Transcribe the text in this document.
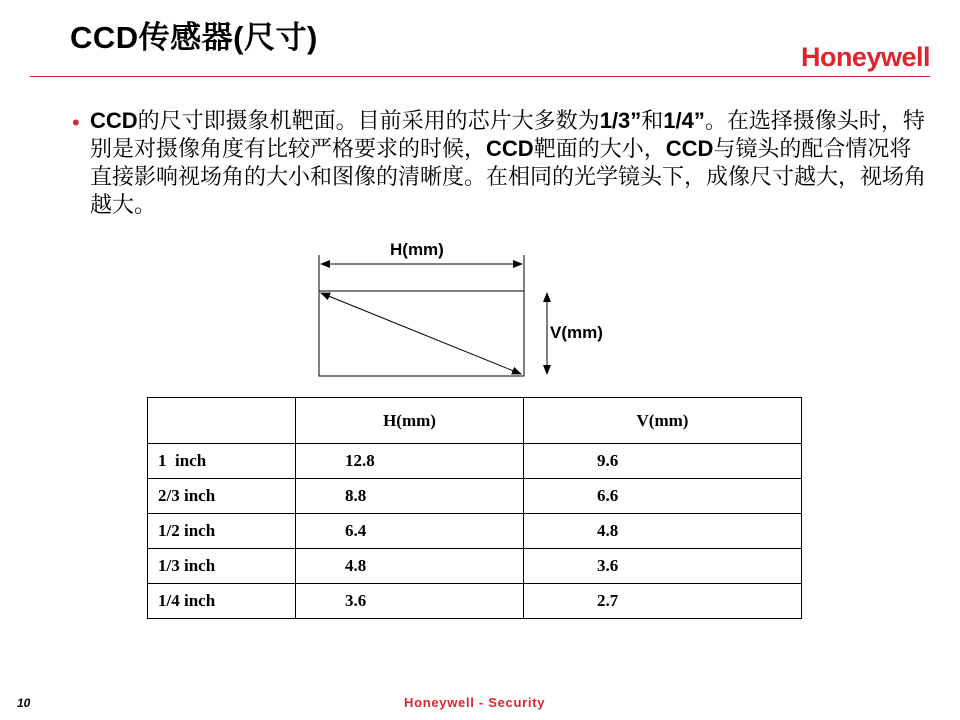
CCD传感器(尺寸)
Honeywell
• CCD的尺寸即摄象机靶面。目前采用的芯片大多数为1/3”和1/4”。在选择摄像头时，特别是对摄像角度有比较严格要求的时候，CCD靶面的大小，CCD与镜头的配合情况将直接影响视场角的大小和图像的清晰度。在相同的光学镜头下，成像尺寸越大，视场角越大。
H(mm)
V(mm)
	H(mm)	V(mm)
1  inch	12.8	9.6
2/3 inch	8.8	6.6
1/2 inch	6.4	4.8
1/3 inch	4.8	3.6
1/4 inch	3.6	2.7
10	Honeywell - Security
